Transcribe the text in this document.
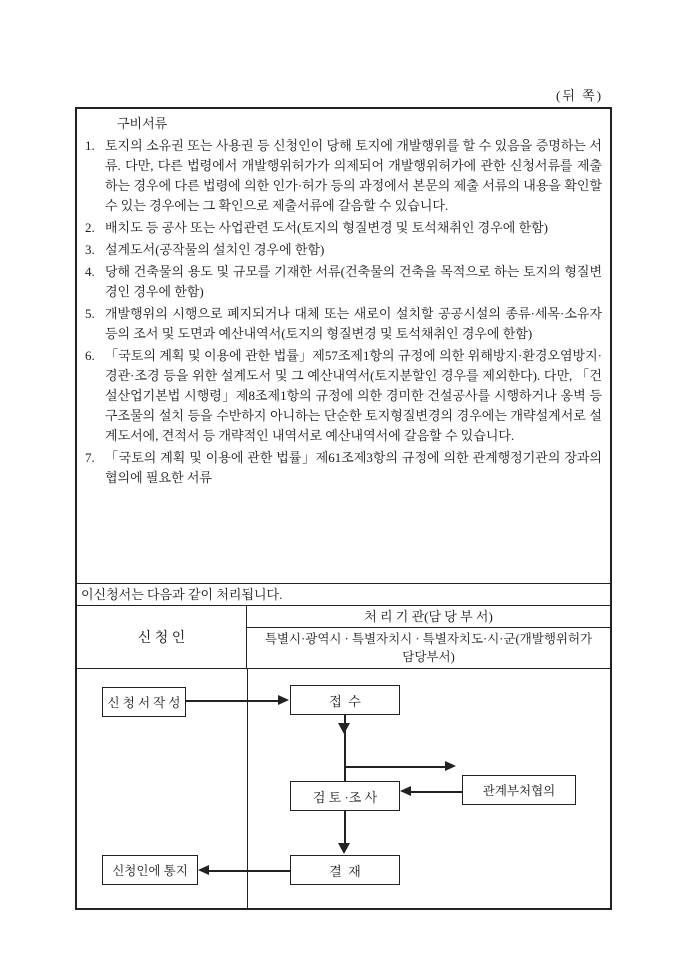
(뒤 쪽)
구비서류
1. 토지의 소유권 또는 사용권 등 신청인이 당해 토지에 개발행위를 할 수 있음을 증명하는 서류. 다만, 다른 법령에서 개발행위허가가 의제되어 개발행위허가에 관한 신청서류를 제출하는 경우에 다른 법령에 의한 인가·허가 등의 과정에서 본문의 제출 서류의 내용을 확인할 수 있는 경우에는 그 확인으로 제출서류에 갈음할 수 있습니다.
2. 배치도 등 공사 또는 사업관련 도서(토지의 형질변경 및 토석채취인 경우에 한함)
3. 설계도서(공작물의 설치인 경우에 한함)
4. 당해 건축물의 용도 및 규모를 기재한 서류(건축물의 건축을 목적으로 하는 토지의 형질변경인 경우에 한함)
5. 개발행위의 시행으로 폐지되거나 대체 또는 새로이 설치할 공공시설의 종류·세목·소유자 등의 조서 및 도면과 예산내역서(토지의 형질변경 및 토석채취인 경우에 한함)
6. 「국토의 계획 및 이용에 관한 법률」제57조제1항의 규정에 의한 위해방지·환경오염방지·경관·조경 등을 위한 설계도서 및 그 예산내역서(토지분할인 경우를 제외한다). 다만, 「건설산업기본법 시행령」제8조제1항의 규정에 의한 경미한 건설공사를 시행하거나 옹벽 등 구조물의 설치 등을 수반하지 아니하는 단순한 토지형질변경의 경우에는 개략설계서로 설계도서에, 견적서 등 개략적인 내역서로 예산내역서에 갈음할 수 있습니다.
7. 「국토의 계획 및 이용에 관한 법률」제61조제3항의 규정에 의한 관계행정기관의 장과의 협의에 필요한 서류
이신청서는 다음과 같이 처리됩니다.
신 청 인
처 리 기 관(담 당 부 서)
특별시·광역시 · 특별자치시 · 특별자치도·시·군(개발행위허가 담당부서)
신 청 서 작 성	접  수
검 토 ·조 사	관계부처협의
결  재
신청인에 통지
